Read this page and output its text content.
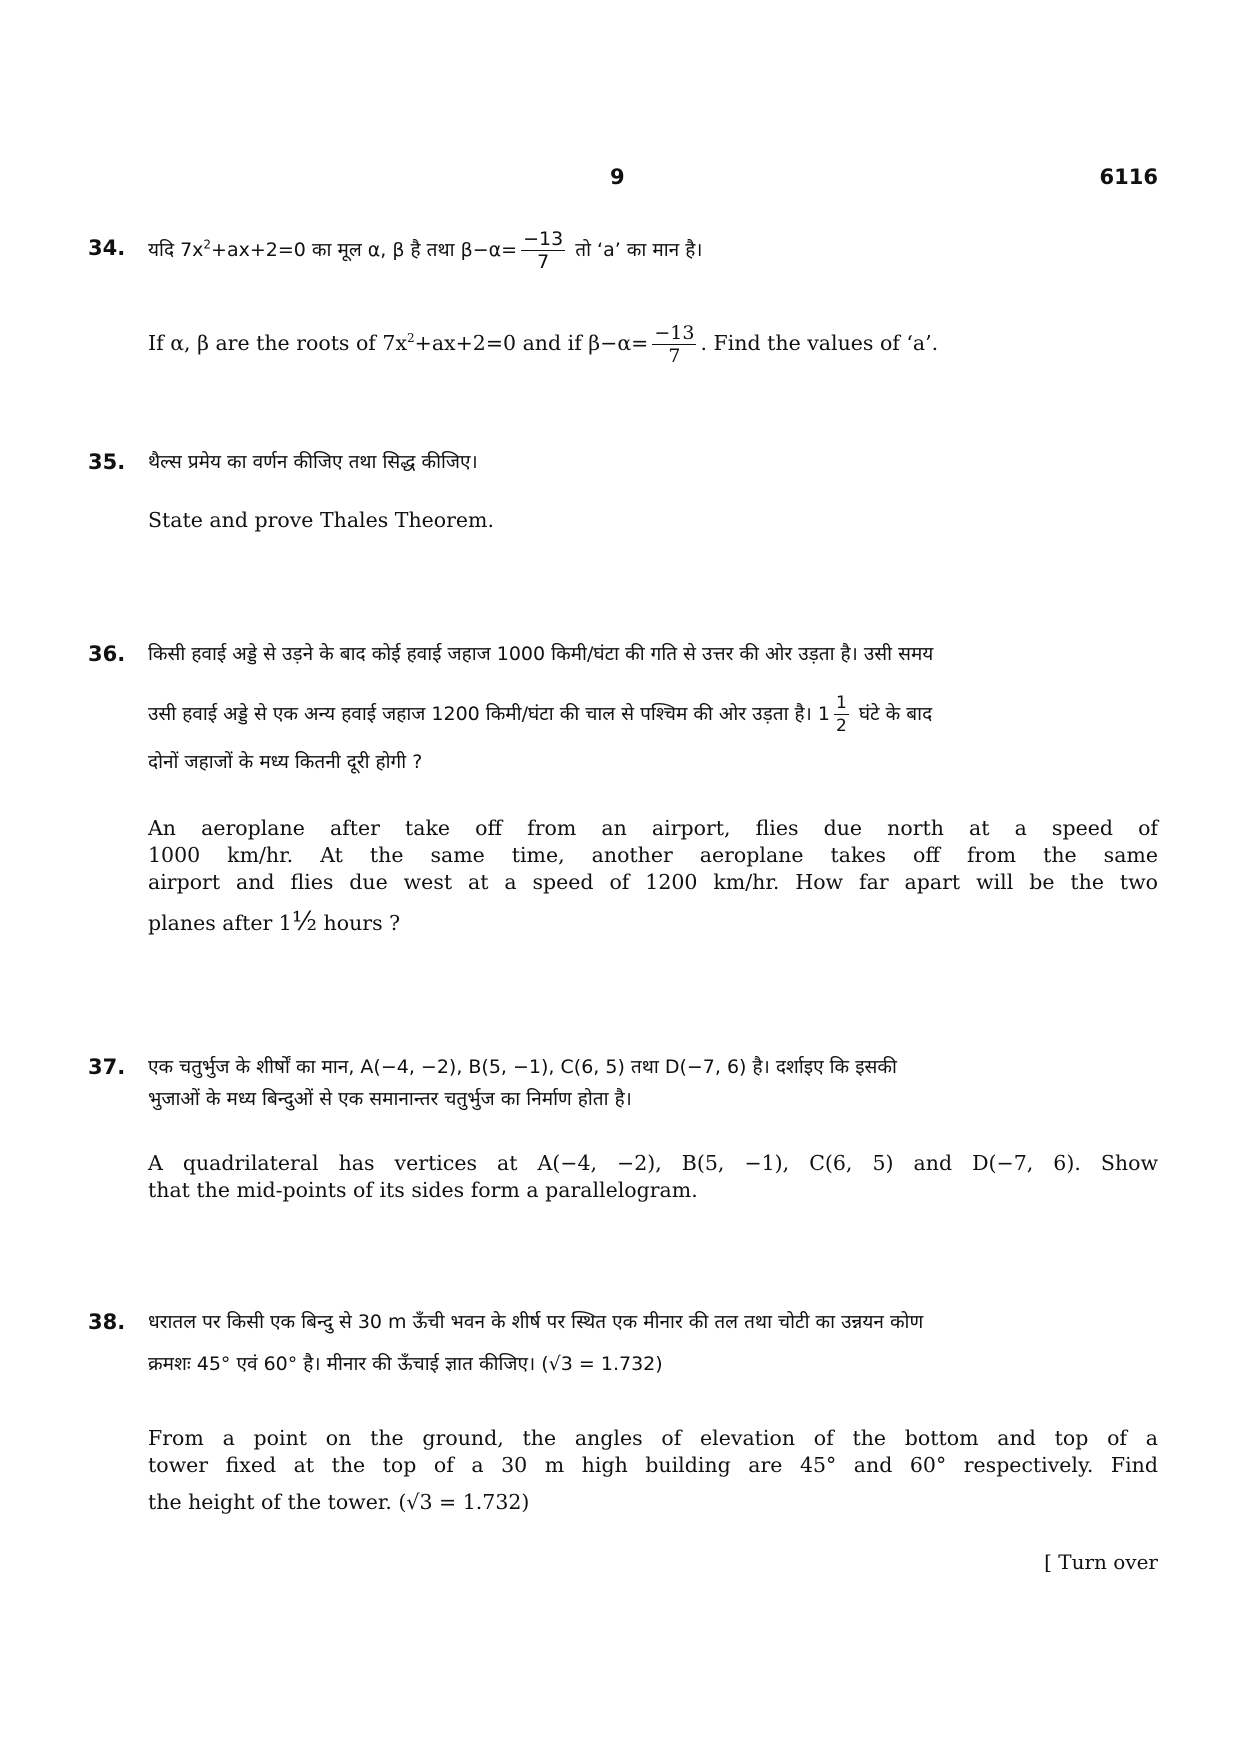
9	6116
34. यदि $7x^2+ax+2=0$ का मूल α, β है तथा $\beta-\alpha= \frac{-13}{7}$ तो ‘a’ का मान है।
If α, β are the roots of $7x^2+ax+2=0$ and if $\beta-\alpha= \frac{-13}{7}$ . Find the values of ‘a’.
35. थैल्स प्रमेय का वर्णन कीजिए तथा सिद्ध कीजिए।
State and prove Thales Theorem.
36. किसी हवाई अड्डे से उड़ने के बाद कोई हवाई जहाज 1000 किमी/घंटा की गति से उत्तर की ओर उड़ता है। उसी समय
उसी हवाई अड्डे से एक अन्य हवाई जहाज 1200 किमी/घंटा की चाल से पश्चिम की ओर उड़ता है। $1 \frac{1}{2}$ घंटे के बाद
दोनों जहाजों के मध्य कितनी दूरी होगी ?
An aeroplane after take off from an airport, flies due north at a speed of
1000 km/hr. At the same time, another aeroplane takes off from the same
airport and flies due west at a speed of 1200 km/hr. How far apart will be the two
planes after 1½ hours ?
37. एक चतुर्भुज के शीर्षों का मान, A(−4, −2), B(5, −1), C(6, 5) तथा D(−7, 6) है। दर्शाइए कि इसकी
भुजाओं के मध्य बिन्दुओं से एक समानान्तर चतुर्भुज का निर्माण होता है।
A quadrilateral has vertices at A(−4, −2), B(5, −1), C(6, 5) and D(−7, 6). Show
that the mid-points of its sides form a parallelogram.
38. धरातल पर किसी एक बिन्दु से 30 m ऊँची भवन के शीर्ष पर स्थित एक मीनार की तल तथा चोटी का उन्नयन कोण
क्रमशः 45° एवं 60° है। मीनार की ऊँचाई ज्ञात कीजिए। (√3 = 1.732)
From a point on the ground, the angles of elevation of the bottom and top of a
tower fixed at the top of a 30 m high building are 45° and 60° respectively. Find
the height of the tower. (√3 = 1.732)
[ Turn over
